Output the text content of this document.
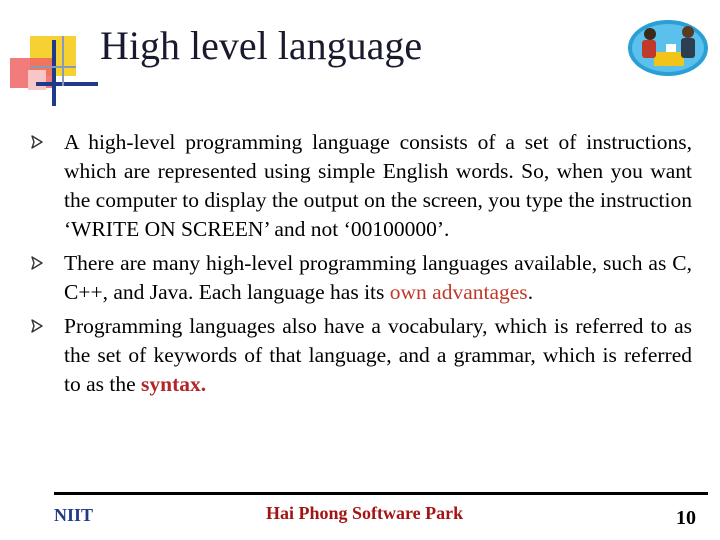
High level language
A high-level programming language consists of a set of instructions, which are represented using simple English words. So, when you want the computer to display the output on the screen, you type the instruction ‘WRITE ON SCREEN’ and not ‘00100000’.
There are many high-level programming languages available, such as C, C++, and Java. Each language has its own advantages.
Programming languages also have a vocabulary, which is referred to as the set of keywords of that language, and a grammar, which is referred to as the syntax.
NIIT	Hai Phong Software Park	10
